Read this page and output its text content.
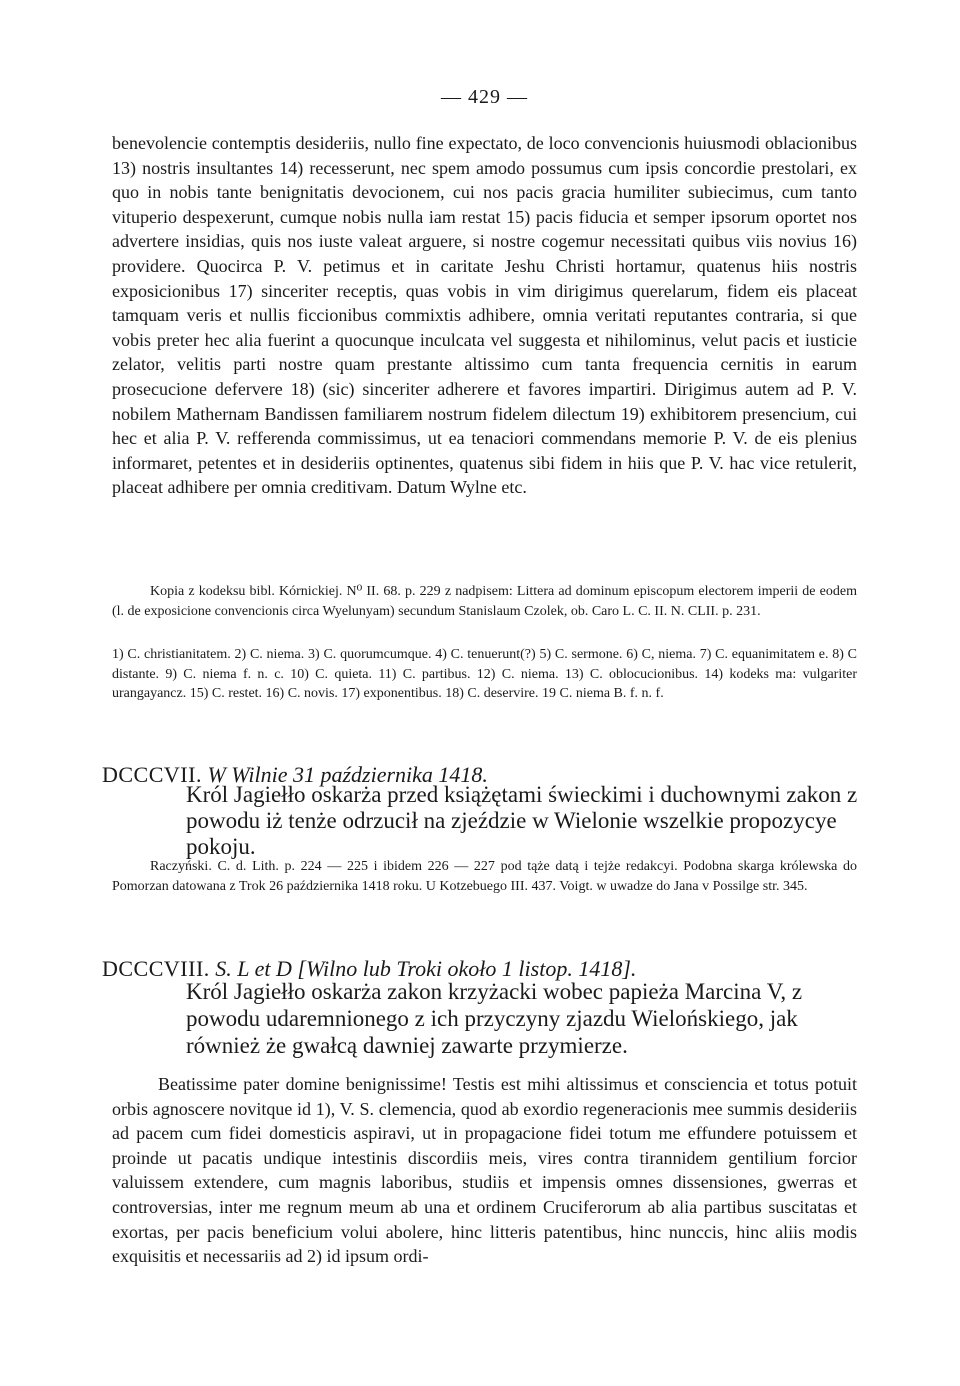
— 429 —

benevolencie contemptis desideriis, nullo fine expectato, de loco convencionis huiusmodi oblacionibus 13) nostris insultantes 14) recesserunt, nec spem amodo possumus cum ipsis concordie prestolari, ex quo in nobis tante benignitatis devocionem, cui nos pacis gracia humiliter subiecimus, cum tanto vituperio despexerunt, cumque nobis nulla iam restat 15) pacis fiducia et semper ipsorum oportet nos advertere insidias, quis nos iuste valeat arguere, si nostre cogemur necessitati quibus viis novius 16) providere. Quocirca P. V. petimus et in caritate Jeshu Christi hortamur, quatenus hiis nostris exposicionibus 17) sinceriter receptis, quas vobis in vim dirigimus querelarum, fidem eis placeat tamquam veris et nullis ficcionibus commixtis adhibere, omnia veritati reputantes contraria, si que vobis preter hec alia fuerint a quocunque inculcata vel suggesta et nihilominus, velut pacis et iusticie zelator, velitis parti nostre quam prestante altissimo cum tanta frequencia cernitis in earum prosecucione defervere 18) (sic) sinceriter adherere et favores impartiri. Dirigimus autem ad P. V. nobilem Mathernam Bandissen familiarem nostrum fidelem dilectum 19) exhibitorem presencium, cui hec et alia P. V. refferenda commissimus, ut ea tenaciori commendans memorie P. V. de eis plenius informaret, petentes et in desideriis optinentes, quatenus sibi fidem in hiis que P. V. hac vice retulerit, placeat adhibere per omnia creditivam. Datum Wylne etc.

Kopia z kodeksu bibl. Kórnickiej. N⁰ II. 68. p. 229 z nadpisem: Littera ad dominum episcopum electorem imperii de eodem (l. de exposicione convencionis circa Wyelunyam) secundum Stanislaum Czolek, ob. Caro L. C. II. N. CLII. p. 231.

1) C. christianitatem. 2) C. niema. 3) C. quorumcumque. 4) C. tenuerunt(?) 5) C. sermone. 6) C, niema. 7) C. equanimitatem e. 8) C distante. 9) C. niema f. n. c. 10) C. quieta. 11) C. partibus. 12) C. niema. 13) C. oblocucionibus. 14) kodeks ma: vulgariter urangayancz. 15) C. restet. 16) C. novis. 17) exponentibus. 18) C. deservire. 19 C. niema B. f. n. f.

DCCCVII. W Wilnie 31 października 1418.
Król Jagiełło oskarża przed książętami świeckimi i duchownymi zakon z powodu iż tenże odrzucił na zjeździe w Wielonie wszelkie propozycye pokoju.

Raczyński. C. d. Lith. p. 224 — 225 i ibidem 226 — 227 pod tąże datą i tejże redakcyi. Podobna skarga królewska do Pomorzan datowana z Trok 26 października 1418 roku. U Kotzebuego III. 437. Voigt. w uwadze do Jana v Possilge str. 345.

DCCCVIII. S. L et D [Wilno lub Troki około 1 listop. 1418].
Król Jagiełło oskarża zakon krzyżacki wobec papieża Marcina V, z powodu udaremnionego z ich przyczyny zjazdu Wielońskiego, jak również że gwałcą dawniej zawarte przymierze.

Beatissime pater domine benignissime! Testis est mihi altissimus et consciencia et totus potuit orbis agnoscere novitque id 1), V. S. clemencia, quod ab exordio regeneracionis mee summis desideriis ad pacem cum fidei domesticis aspiravi, ut in propagacione fidei totum me effundere potuissem et proinde ut pacatis undique intestinis discordiis meis, vires contra tirannidem gentilium forcior valuissem extendere, cum magnis laboribus, studiis et impensis omnes dissensiones, gwerras et controversias, inter me regnum meum ab una et ordinem Cruciferorum ab alia partibus suscitatas et exortas, per pacis beneficium volui abolere, hinc litteris patentibus, hinc nunccis, hinc aliis modis exquisitis et necessariis ad 2) id ipsum ordi-
